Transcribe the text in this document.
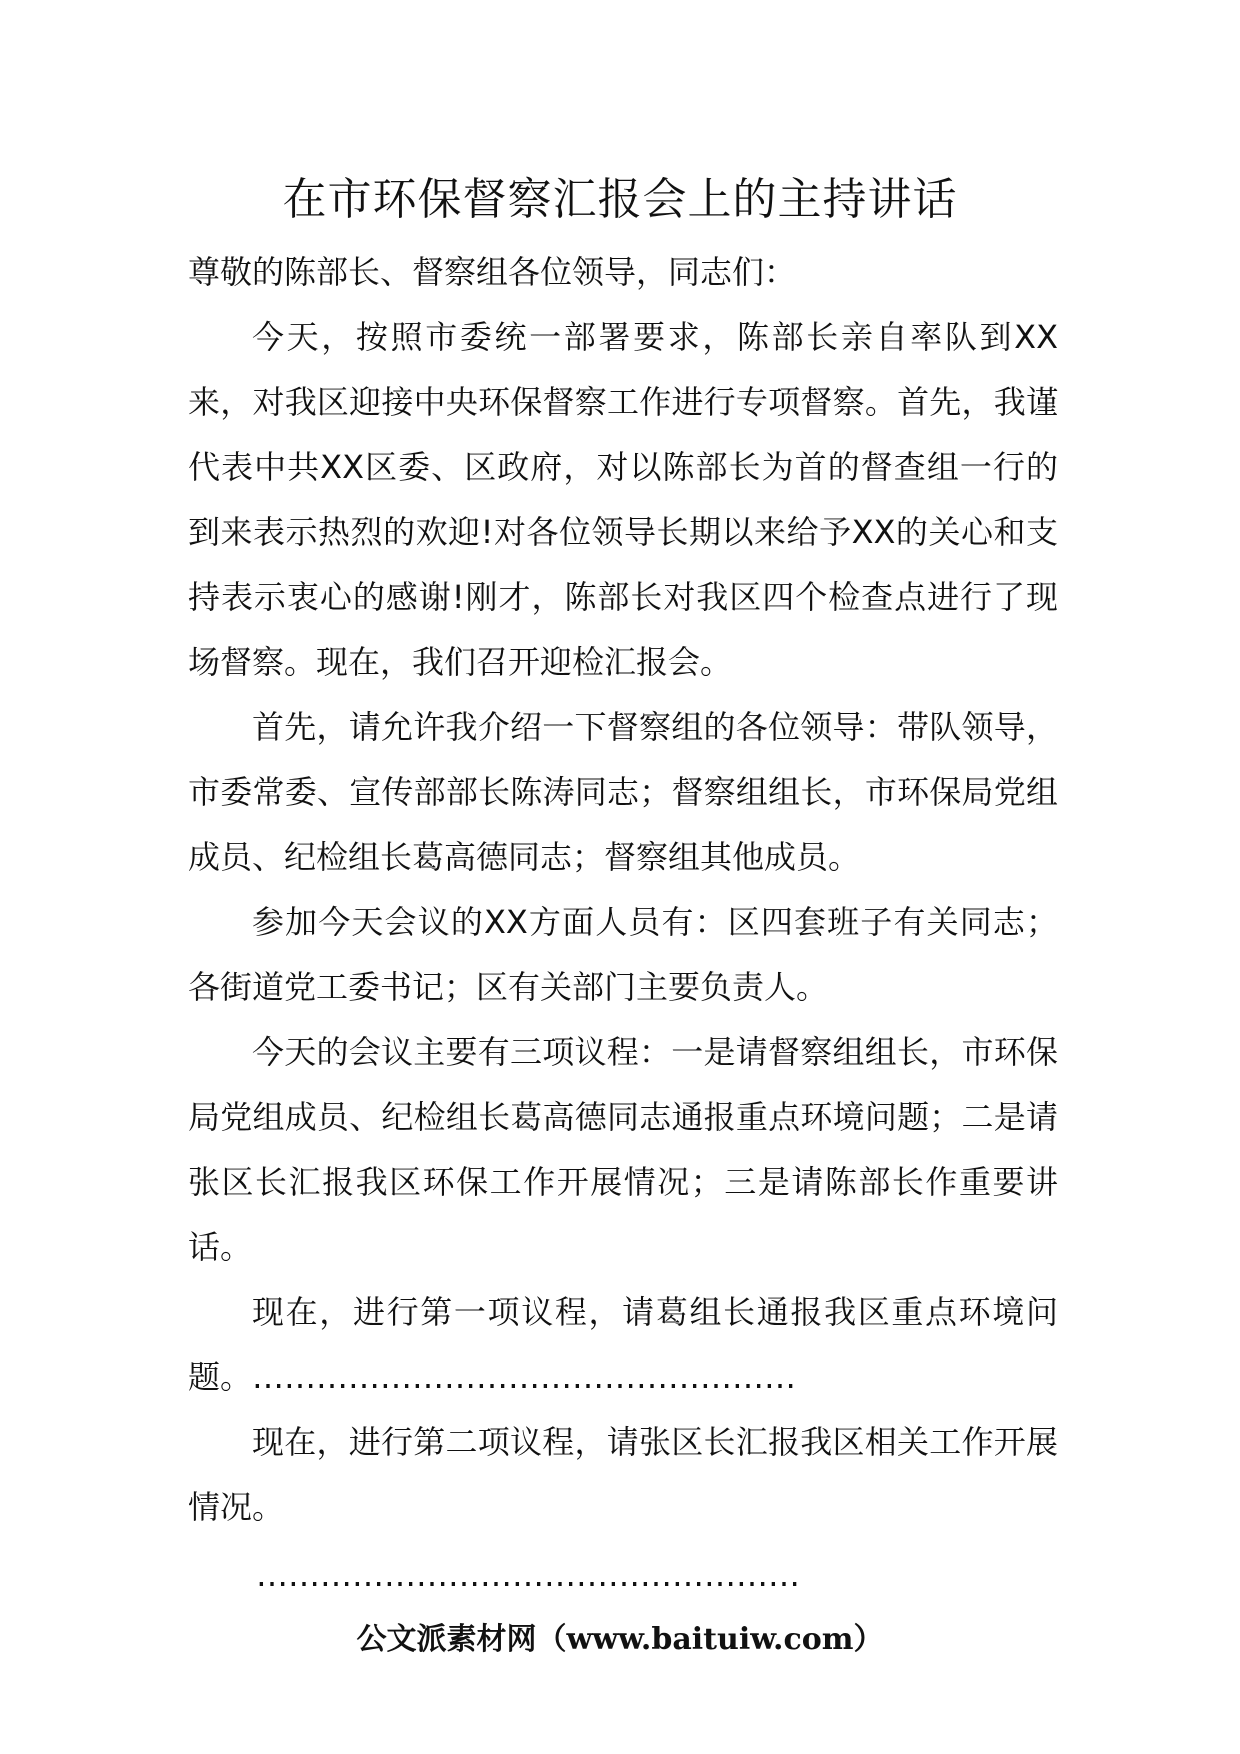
在市环保督察汇报会上的主持讲话

尊敬的陈部长、督察组各位领导，同志们：

今天，按照市委统一部署要求，陈部长亲自率队到XX来，对我区迎接中央环保督察工作进行专项督察。首先，我谨代表中共XX区委、区政府，对以陈部长为首的督查组一行的到来表示热烈的欢迎!对各位领导长期以来给予XX的关心和支持表示衷心的感谢!刚才，陈部长对我区四个检查点进行了现场督察。现在，我们召开迎检汇报会。

首先，请允许我介绍一下督察组的各位领导：带队领导，市委常委、宣传部部长陈涛同志；督察组组长，市环保局党组成员、纪检组长葛高德同志；督察组其他成员。

参加今天会议的XX方面人员有：区四套班子有关同志；各街道党工委书记；区有关部门主要负责人。

今天的会议主要有三项议程：一是请督察组组长，市环保局党组成员、纪检组长葛高德同志通报重点环境问题；二是请张区长汇报我区环保工作开展情况；三是请陈部长作重要讲话。

现在，进行第一项议程，请葛组长通报我区重点环境问题。……………………………………………

现在，进行第二项议程，请张区长汇报我区相关工作开展情况。

……………………………………………
公文派素材网（www.baituiw.com）
